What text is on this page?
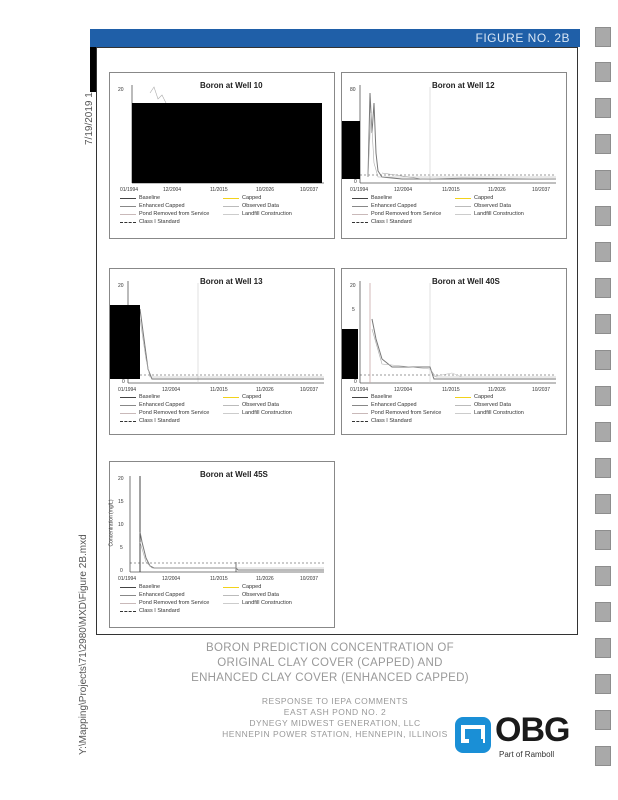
7/19/2019 1
Y:\Mapping\Projects\71\2980\MXD\Figure 2B.mxd
FIGURE NO. 2B
Boron at Well 10
20
01/1994	12/2004	11/2015	10/2026	10/2037
Baseline	Capped
Enhanced Capped	Observed Data
Pond Removed from Service	Landfill Construction
Class I Standard
Boron at Well 12
80
0
01/1994	12/2004	11/2015	11/2026	10/2037
Baseline	Capped
Enhanced Capped	Observed Data
Pond Removed from Service	Landfill Construction
Class I Standard
Boron at Well 13
20
0
01/1994	12/2004	11/2015	11/2026	10/2037
Baseline	Capped
Enhanced Capped	Observed Data
Pond Removed from Service	Landfill Construction
Class I Standard
Boron at Well 40S
20
5
0
01/1994	12/2004	11/2015	11/2026	10/2037
Baseline	Capped
Enhanced Capped	Observed Data
Pond Removed from Service	Landfill Construction
Class I Standard
Boron at Well 45S
20
15
10
5
0
Concentration (mg/L)
01/1994	12/2004	11/2015	11/2026	10/2037
Baseline	Capped
Enhanced Capped	Observed Data
Pond Removed from Service	Landfill Construction
Class I Standard
BORON PREDICTION CONCENTRATION OF
ORIGINAL CLAY COVER (CAPPED) AND
ENHANCED CLAY COVER (ENHANCED CAPPED)
RESPONSE TO IEPA COMMENTS
EAST ASH POND NO. 2
DYNEGY MIDWEST GENERATION, LLC
HENNEPIN POWER STATION, HENNEPIN, ILLINOIS	OBG
Part of Ramboll
